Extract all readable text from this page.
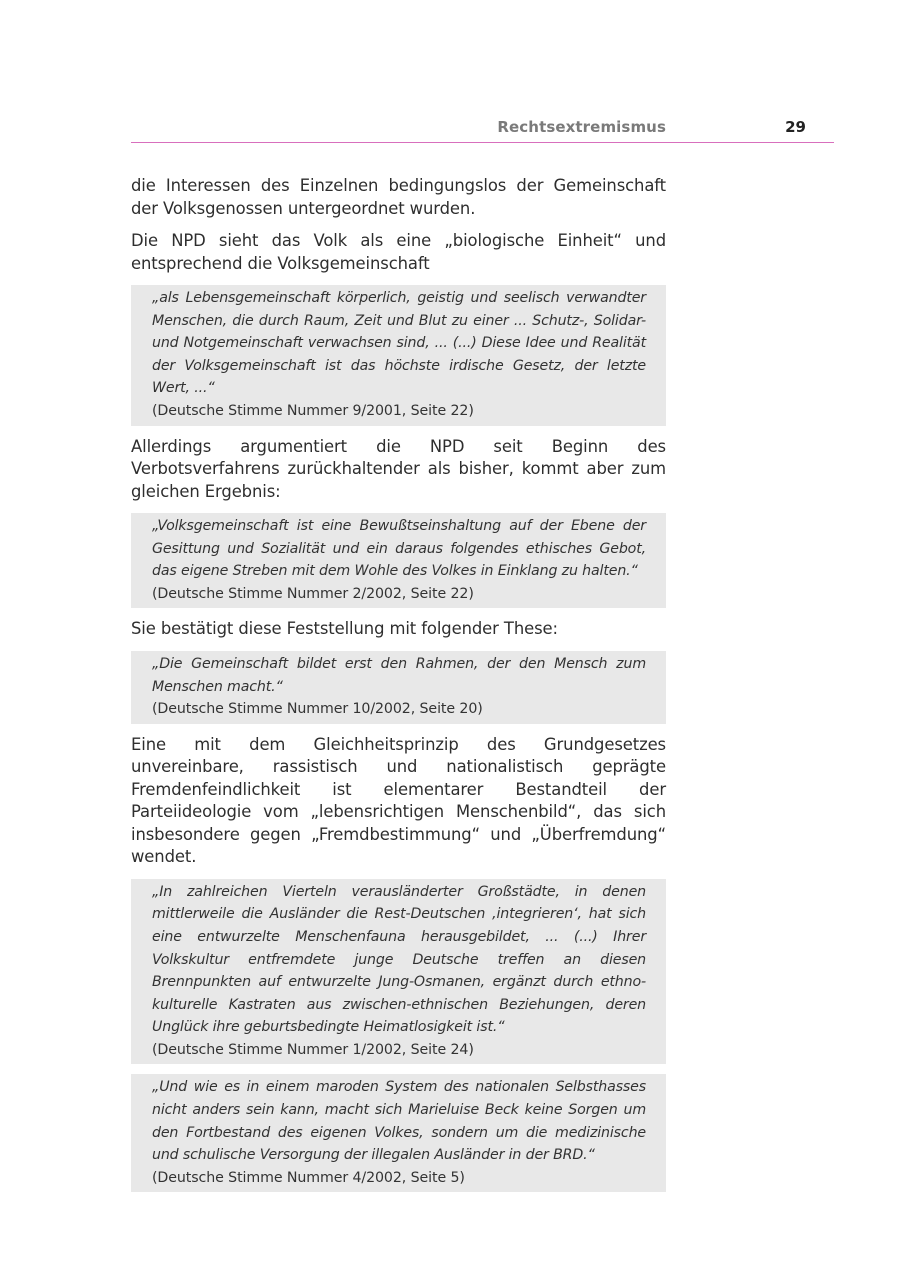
Rechtsextremismus	29

die Interessen des Einzelnen bedingungslos der Gemeinschaft der Volksgenossen untergeordnet wurden.

Die NPD sieht das Volk als eine „biologische Einheit“ und entsprechend die Volksgemeinschaft

„als Lebensgemeinschaft körperlich, geistig und seelisch verwandter Menschen, die durch Raum, Zeit und Blut zu einer ... Schutz-, Solidar- und Notgemeinschaft verwachsen sind, ... (...) Diese Idee und Realität der Volksgemeinschaft ist das höchste irdische Gesetz, der letzte Wert, ...“
(Deutsche Stimme Nummer 9/2001, Seite 22)

Allerdings argumentiert die NPD seit Beginn des Verbotsverfahrens zurückhaltender als bisher, kommt aber zum gleichen Ergebnis:

„Volksgemeinschaft ist eine Bewußtseinshaltung auf der Ebene der Gesittung und Sozialität und ein daraus folgendes ethisches Gebot, das eigene Streben mit dem Wohle des Volkes in Einklang zu halten.“
(Deutsche Stimme Nummer 2/2002, Seite 22)

Sie bestätigt diese Feststellung mit folgender These:

„Die Gemeinschaft bildet erst den Rahmen, der den Mensch zum Menschen macht.“
(Deutsche Stimme Nummer 10/2002, Seite 20)

Eine mit dem Gleichheitsprinzip des Grundgesetzes unvereinbare, rassistisch und nationalistisch geprägte Fremdenfeindlichkeit ist elementarer Bestandteil der Parteiideologie vom „lebensrichtigen Menschenbild“, das sich insbesondere gegen „Fremdbestimmung“ und „Überfremdung“ wendet.

„In zahlreichen Vierteln verausländerter Großstädte, in denen mittlerweile die Ausländer die Rest-Deutschen ‚integrieren‘, hat sich eine entwurzelte Menschenfauna herausgebildet, ... (...) Ihrer Volkskultur entfremdete junge Deutsche treffen an diesen Brennpunkten auf entwurzelte Jung-Osmanen, ergänzt durch ethno-kulturelle Kastraten aus zwischen-ethnischen Beziehungen, deren Unglück ihre geburtsbedingte Heimatlosigkeit ist.“
(Deutsche Stimme Nummer 1/2002, Seite 24)
„Und wie es in einem maroden System des nationalen Selbsthasses nicht anders sein kann, macht sich Marieluise Beck keine Sorgen um den Fortbestand des eigenen Volkes, sondern um die medizinische und schulische Versorgung der illegalen Ausländer in der BRD.“
(Deutsche Stimme Nummer 4/2002, Seite 5)
